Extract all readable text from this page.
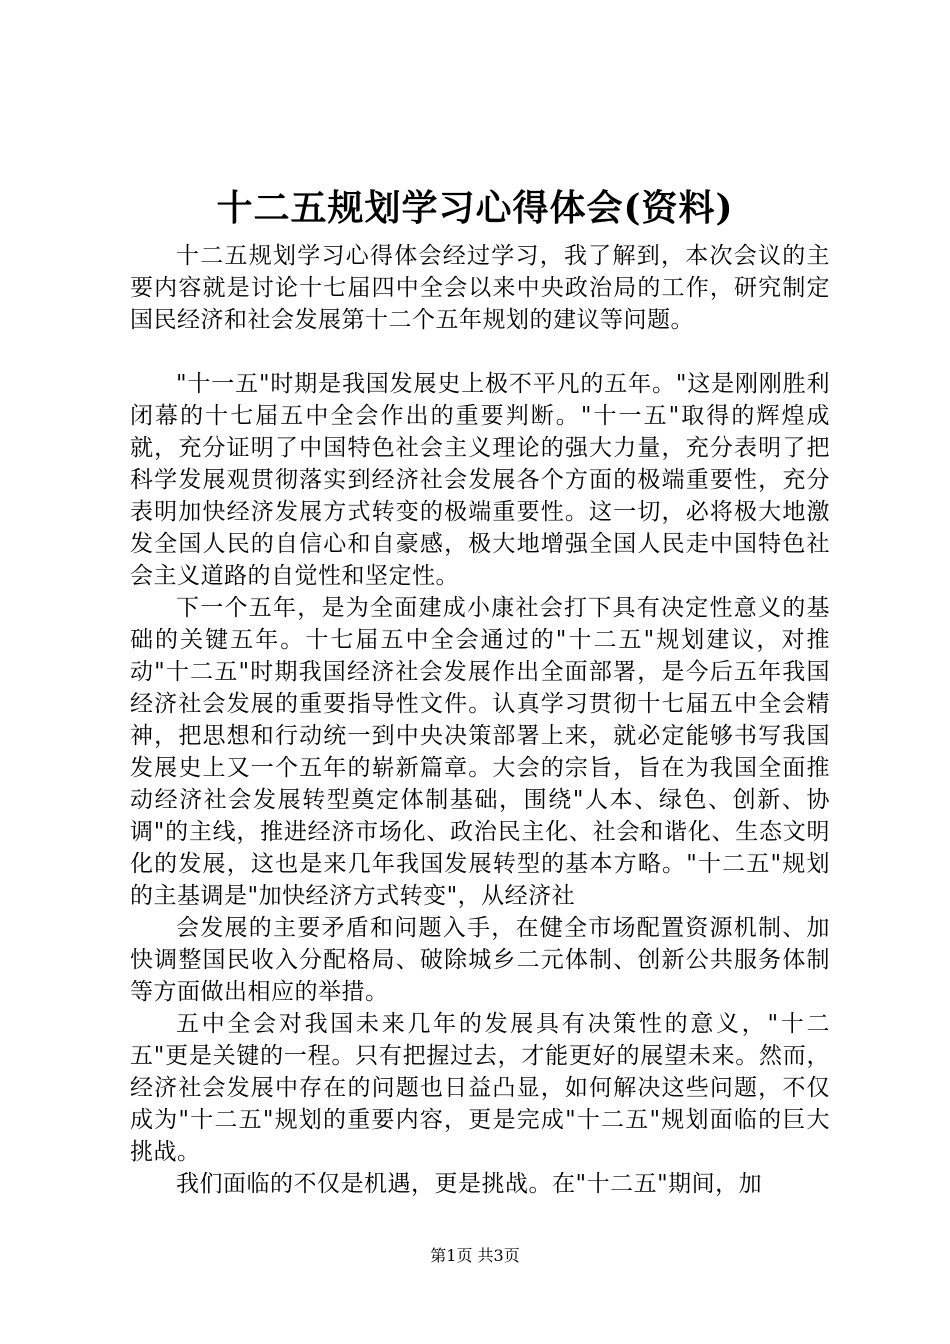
十二五规划学习心得体会(资料)

十二五规划学习心得体会经过学习，我了解到，本次会议的主要内容就是讨论十七届四中全会以来中央政治局的工作，研究制定国民经济和社会发展第十二个五年规划的建议等问题。

"十一五"时期是我国发展史上极不平凡的五年。"这是刚刚胜利闭幕的十七届五中全会作出的重要判断。"十一五"取得的辉煌成就，充分证明了中国特色社会主义理论的强大力量，充分表明了把科学发展观贯彻落实到经济社会发展各个方面的极端重要性，充分表明加快经济发展方式转变的极端重要性。这一切，必将极大地激发全国人民的自信心和自豪感，极大地增强全国人民走中国特色社会主义道路的自觉性和坚定性。

下一个五年，是为全面建成小康社会打下具有决定性意义的基础的关键五年。十七届五中全会通过的"十二五"规划建议，对推动"十二五"时期我国经济社会发展作出全面部署，是今后五年我国经济社会发展的重要指导性文件。认真学习贯彻十七届五中全会精神，把思想和行动统一到中央决策部署上来，就必定能够书写我国发展史上又一个五年的崭新篇章。大会的宗旨，旨在为我国全面推动经济社会发展转型奠定体制基础，围绕"人本、绿色、创新、协调"的主线，推进经济市场化、政治民主化、社会和谐化、生态文明化的发展，这也是来几年我国发展转型的基本方略。"十二五"规划的主基调是"加快经济方式转变"，从经济社

会发展的主要矛盾和问题入手，在健全市场配置资源机制、加快调整国民收入分配格局、破除城乡二元体制、创新公共服务体制等方面做出相应的举措。

五中全会对我国未来几年的发展具有决策性的意义，"十二五"更是关键的一程。只有把握过去，才能更好的展望未来。然而，经济社会发展中存在的问题也日益凸显，如何解决这些问题，不仅成为"十二五"规划的重要内容，更是完成"十二五"规划面临的巨大挑战。

我们面临的不仅是机遇，更是挑战。在"十二五"期间，加

第1页 共3页
